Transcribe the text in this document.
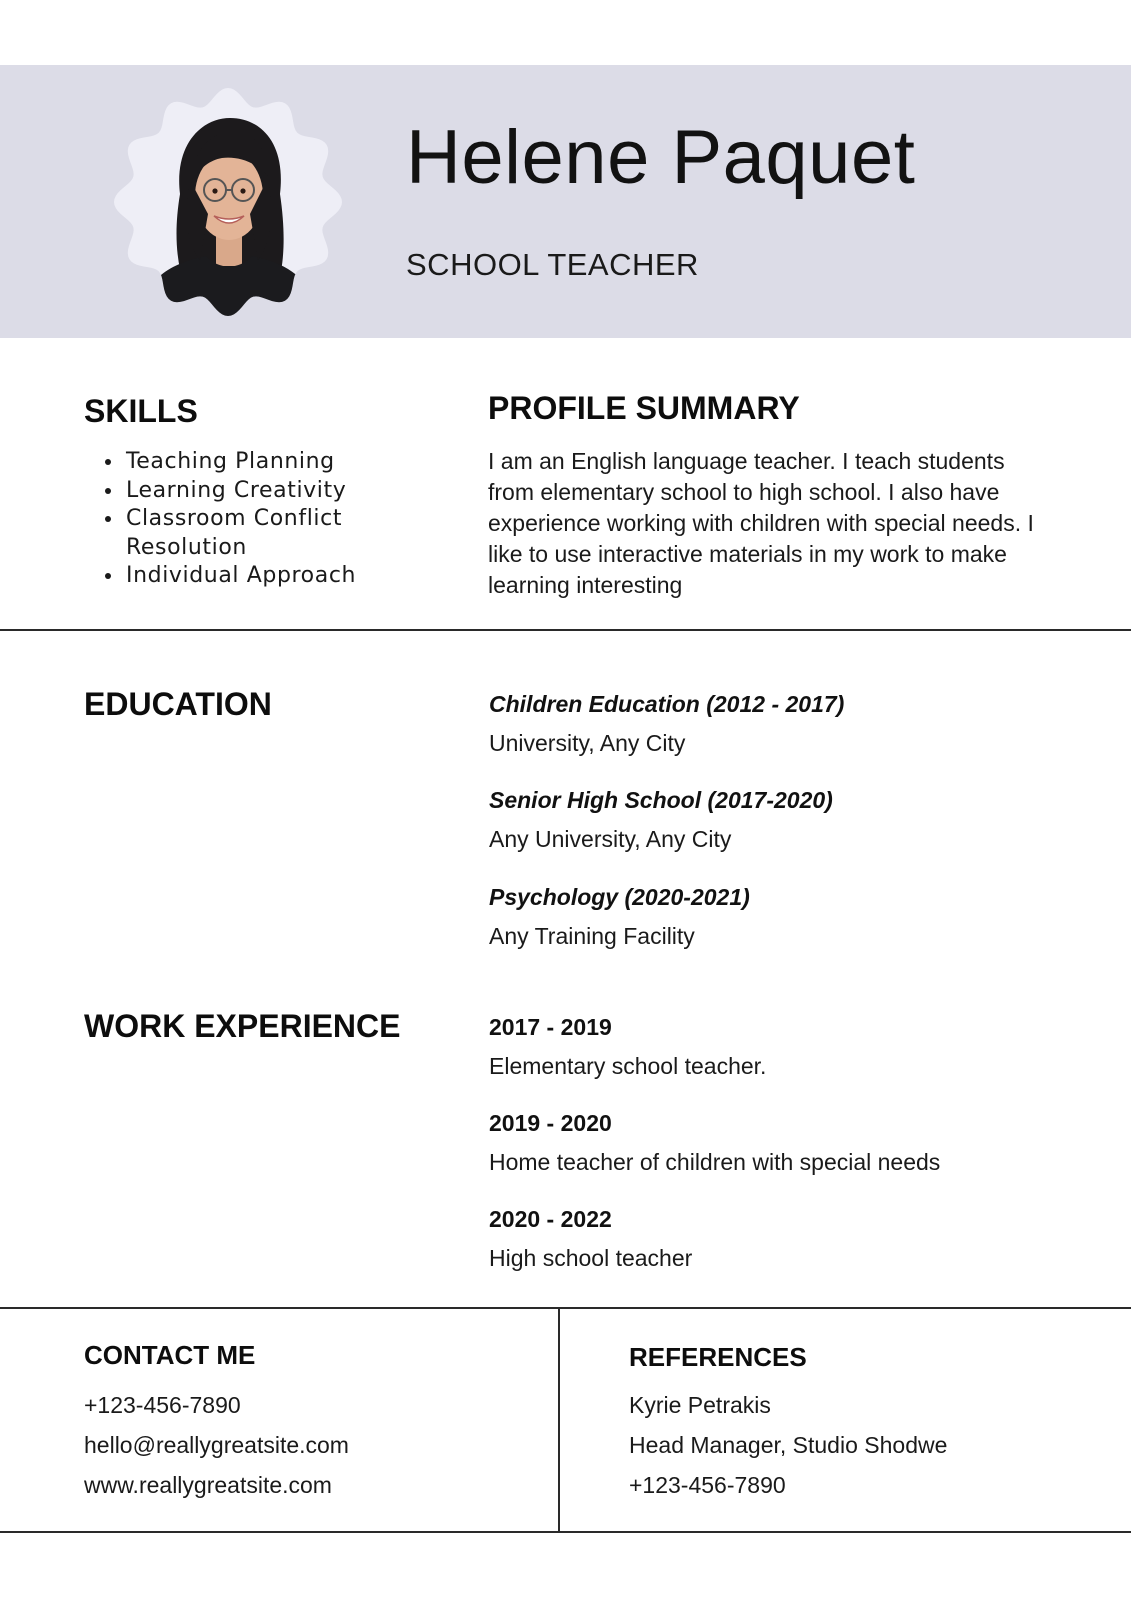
Helene Paquet
SCHOOL TEACHER
SKILLS
• Teaching Planning
• Learning Creativity
• Classroom Conflict Resolution
• Individual Approach
PROFILE SUMMARY

I am an English language teacher. I teach students from elementary school to high school. I also have experience working with children with special needs. I like to use interactive materials in my work to make learning interesting

EDUCATION	Children Education (2012 - 2017)
University, Any City
Senior High School (2017-2020)
Any University, Any City
Psychology (2020-2021)
Any Training Facility
WORK EXPERIENCE	2017 - 2019
Elementary school teacher.
2019 - 2020
Home teacher of children with special needs
2020 - 2022
High school teacher
CONTACT ME
+123-456-7890
hello@reallygreatsite.com
www.reallygreatsite.com
REFERENCES
Kyrie Petrakis
Head Manager, Studio Shodwe
+123-456-7890
